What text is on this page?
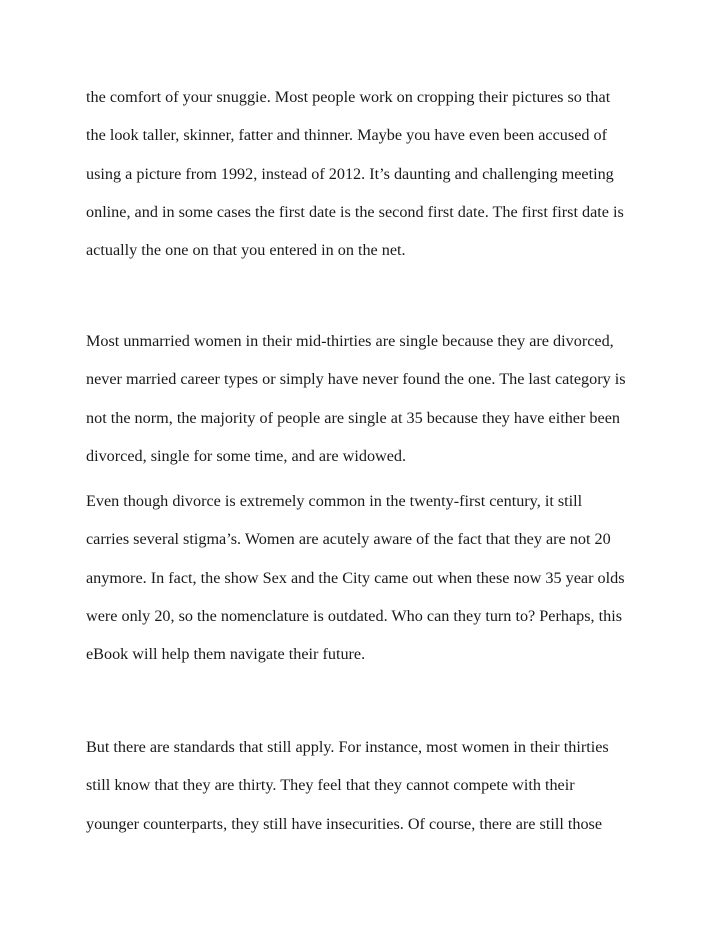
the comfort of your snuggie. Most people work on cropping their pictures so that
the look taller, skinner, fatter and thinner. Maybe you have even been accused of
using a picture from 1992, instead of 2012. It’s daunting and challenging meeting
online, and in some cases the first date is the second first date. The first first date is
actually the one on that you entered in on the net.
Most unmarried women in their mid-thirties are single because they are divorced,
never married career types or simply have never found the one. The last category is
not the norm, the majority of people are single at 35 because they have either been
divorced, single for some time, and are widowed.
Even though divorce is extremely common in the twenty-first century, it still
carries several stigma’s. Women are acutely aware of the fact that they are not 20
anymore. In fact, the show Sex and the City came out when these now 35 year olds
were only 20, so the nomenclature is outdated. Who can they turn to? Perhaps, this
eBook will help them navigate their future.
But there are standards that still apply. For instance, most women in their thirties
still know that they are thirty. They feel that they cannot compete with their
younger counterparts, they still have insecurities. Of course, there are still those
